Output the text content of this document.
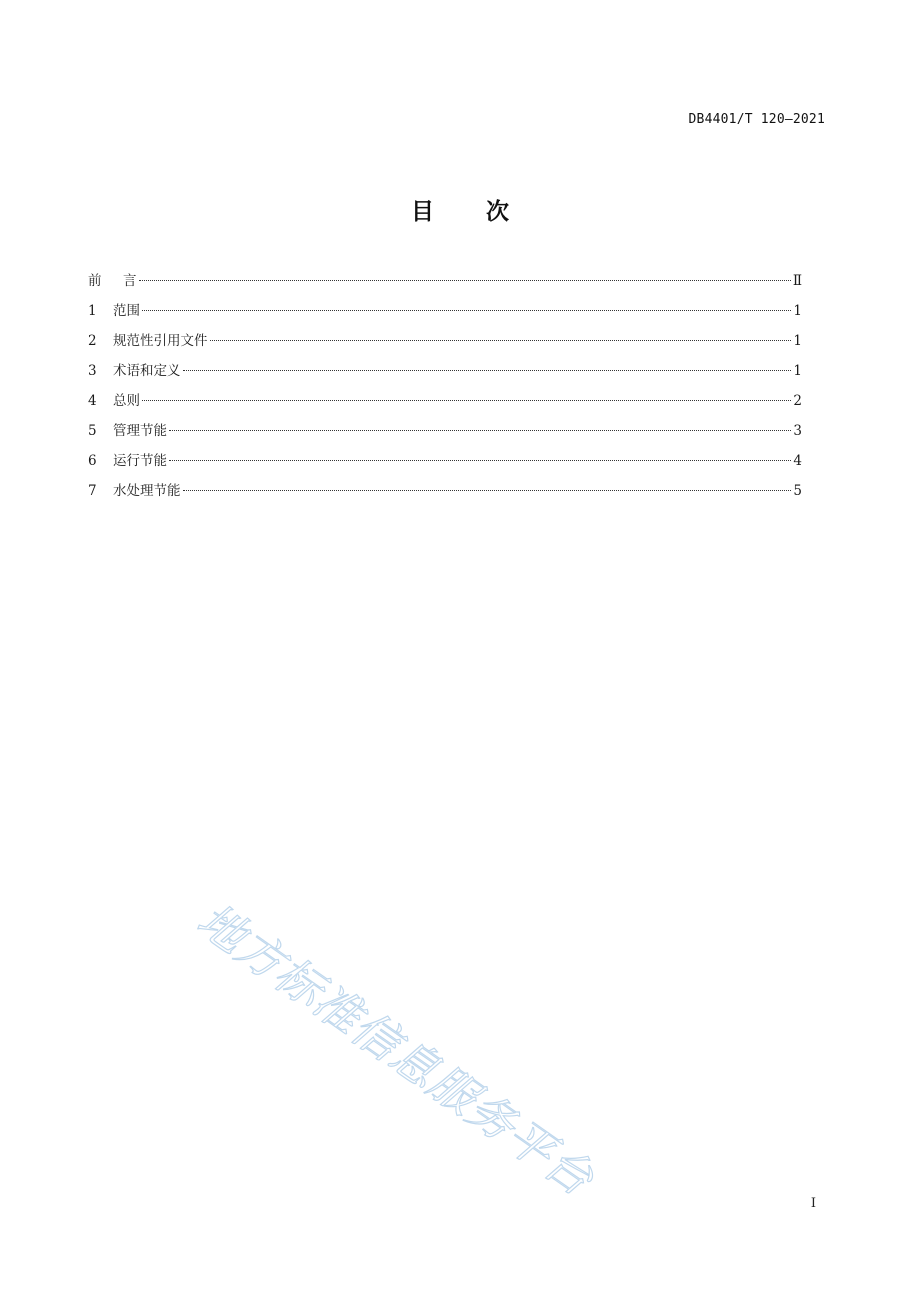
DB4401/T 120—2021
目 次
前	言	Ⅱ
1	范围	1
2	规范性引用文件	1
3	术语和定义	1
4	总则	2
5	管理节能	3
6	运行节能	4
7	水处理节能	5
地方标准信息服务平台	I
